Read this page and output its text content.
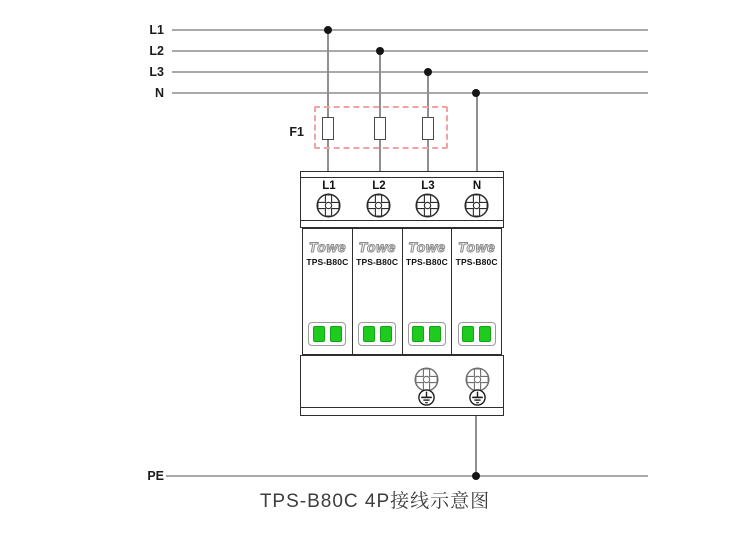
L1
L2
L3
N
PE
F1
L1	L2	L3	N
Towe
TPS-B80C
Towe
TPS-B80C
Towe
TPS-B80C
Towe
TPS-B80C
TPS-B80C 4P接线示意图
